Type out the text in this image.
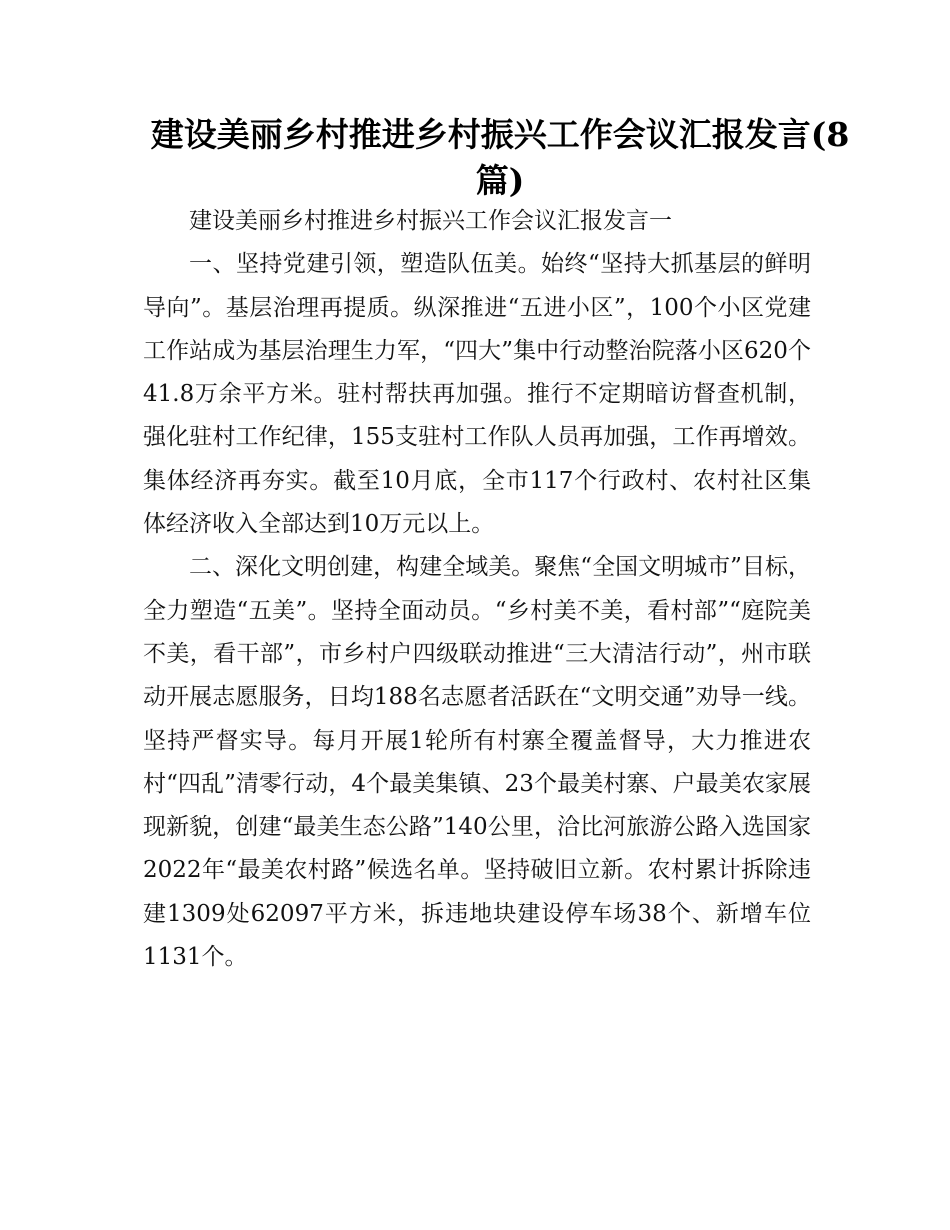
建设美丽乡村推进乡村振兴工作会议汇报发言(8篇)

建设美丽乡村推进乡村振兴工作会议汇报发言一

一、坚持党建引领，塑造队伍美。始终“坚持大抓基层的鲜明导向”。基层治理再提质。纵深推进“五进小区”，100个小区党建工作站成为基层治理生力军，“四大”集中行动整治院落小区620个41.8万余平方米。驻村帮扶再加强。推行不定期暗访督查机制，强化驻村工作纪律，155支驻村工作队人员再加强，工作再增效。集体经济再夯实。截至10月底，全市117个行政村、农村社区集体经济收入全部达到10万元以上。

二、深化文明创建，构建全域美。聚焦“全国文明城市”目标，全力塑造“五美”。坚持全面动员。“乡村美不美，看村部”“庭院美不美，看干部”，市乡村户四级联动推进“三大清洁行动”，州市联动开展志愿服务，日均188名志愿者活跃在“文明交通”劝导一线。坚持严督实导。每月开展1轮所有村寨全覆盖督导，大力推进农村“四乱”清零行动，4个最美集镇、23个最美村寨、户最美农家展现新貌，创建“最美生态公路”140公里，洽比河旅游公路入选国家2022年“最美农村路”候选名单。坚持破旧立新。农村累计拆除违建1309处62097平方米，拆违地块建设停车场38个、新增车位1131个。
